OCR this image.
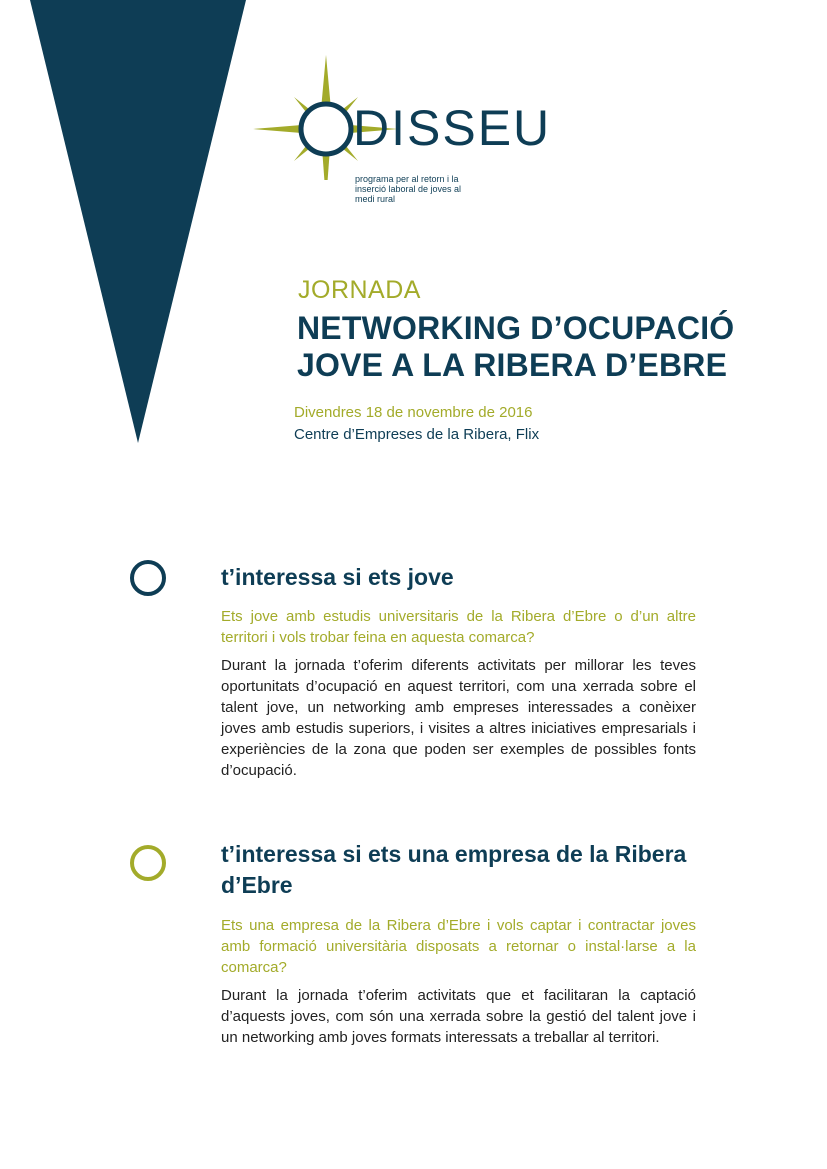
DISSEU
programa per al retorn i la inserció laboral de joves al medi rural
JORNADA
NETWORKING D’OCUPACIÓ
JOVE A LA RIBERA D’EBRE
Divendres 18 de novembre de 2016
Centre d’Empreses de la Ribera, Flix
t’interessa si ets jove
Ets jove amb estudis universitaris de la Ribera d’Ebre o d’un altre territori i vols trobar feina en aquesta comarca?
Durant la jornada t’oferim diferents activitats per millorar les teves oportunitats d’ocupació en aquest territori, com una xerrada sobre el talent jove, un networking amb empreses interessades a conèixer joves amb estudis superiors, i visites a altres iniciatives empresarials i experiències de la zona que poden ser exemples de possibles fonts d’ocupació.
t’interessa si ets una empresa de la Ribera d’Ebre
Ets una empresa de la Ribera d’Ebre i vols captar i contractar joves amb formació universitària disposats a retornar o instal·larse a la comarca?
Durant la jornada t’oferim activitats que et facilitaran la captació d’aquests joves, com són una xerrada sobre la gestió del talent jove i un networking amb joves formats interessats a treballar al territori.
